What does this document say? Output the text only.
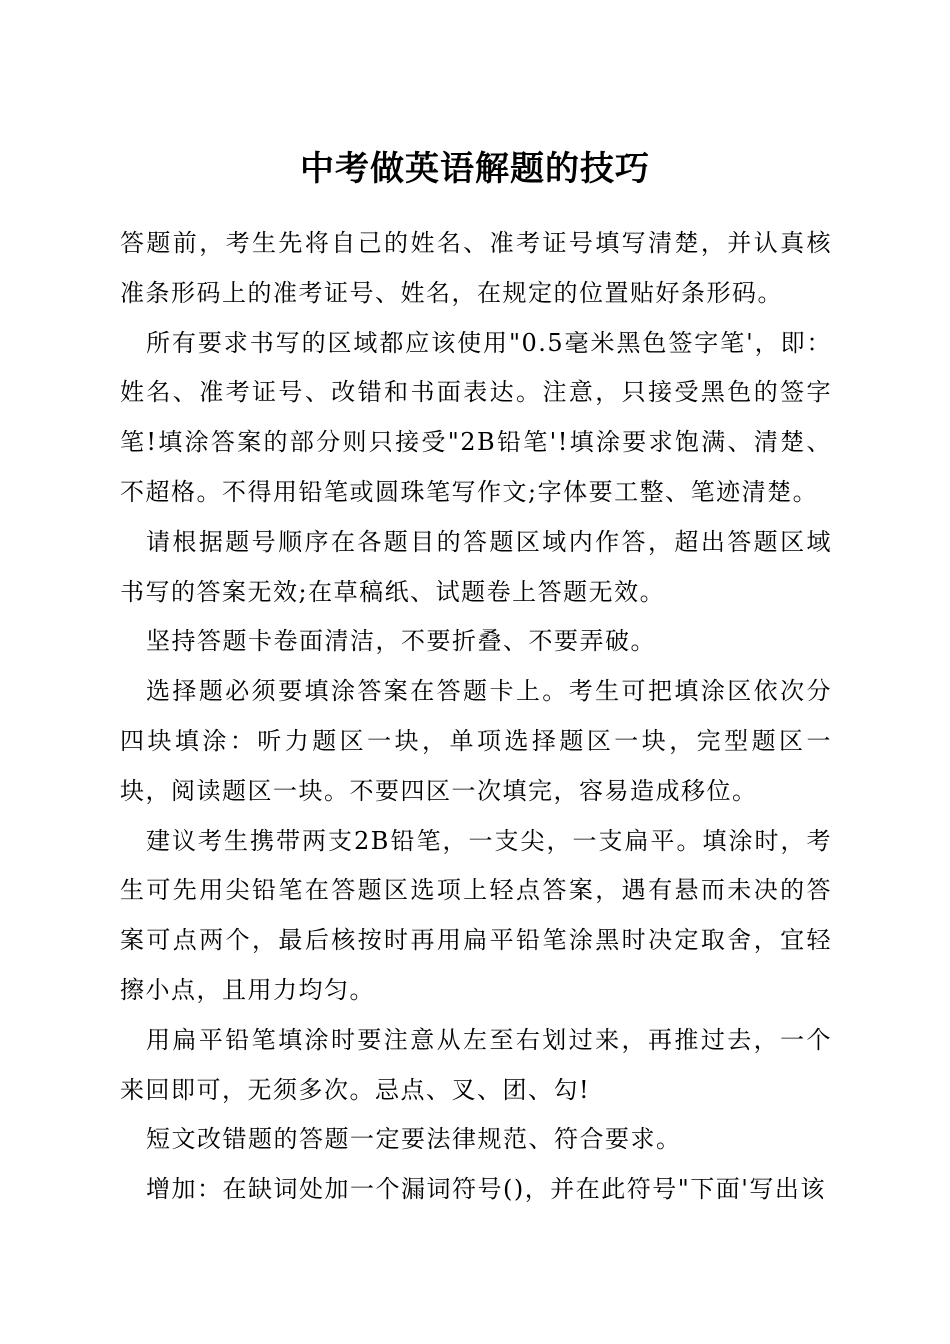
中考做英语解题的技巧

答题前，考生先将自己的姓名、准考证号填写清楚，并认真核准条形码上的准考证号、姓名，在规定的位置贴好条形码。

所有要求书写的区域都应该使用"0.5毫米黑色签字笔'，即：姓名、准考证号、改错和书面表达。注意，只接受黑色的签字笔!填涂答案的部分则只接受"2B铅笔'!填涂要求饱满、清楚、不超格。不得用铅笔或圆珠笔写作文;字体要工整、笔迹清楚。

请根据题号顺序在各题目的答题区域内作答，超出答题区域书写的答案无效;在草稿纸、试题卷上答题无效。

坚持答题卡卷面清洁，不要折叠、不要弄破。

选择题必须要填涂答案在答题卡上。考生可把填涂区依次分四块填涂：听力题区一块，单项选择题区一块，完型题区一块，阅读题区一块。不要四区一次填完，容易造成移位。

建议考生携带两支2B铅笔，一支尖，一支扁平。填涂时，考生可先用尖铅笔在答题区选项上轻点答案，遇有悬而未决的答案可点两个，最后核按时再用扁平铅笔涂黑时决定取舍，宜轻擦小点，且用力均匀。

用扁平铅笔填涂时要注意从左至右划过来，再推过去，一个来回即可，无须多次。忌点、叉、团、勾!

短文改错题的答题一定要法律规范、符合要求。

增加：在缺词处加一个漏词符号()，并在此符号"下面'写出该
